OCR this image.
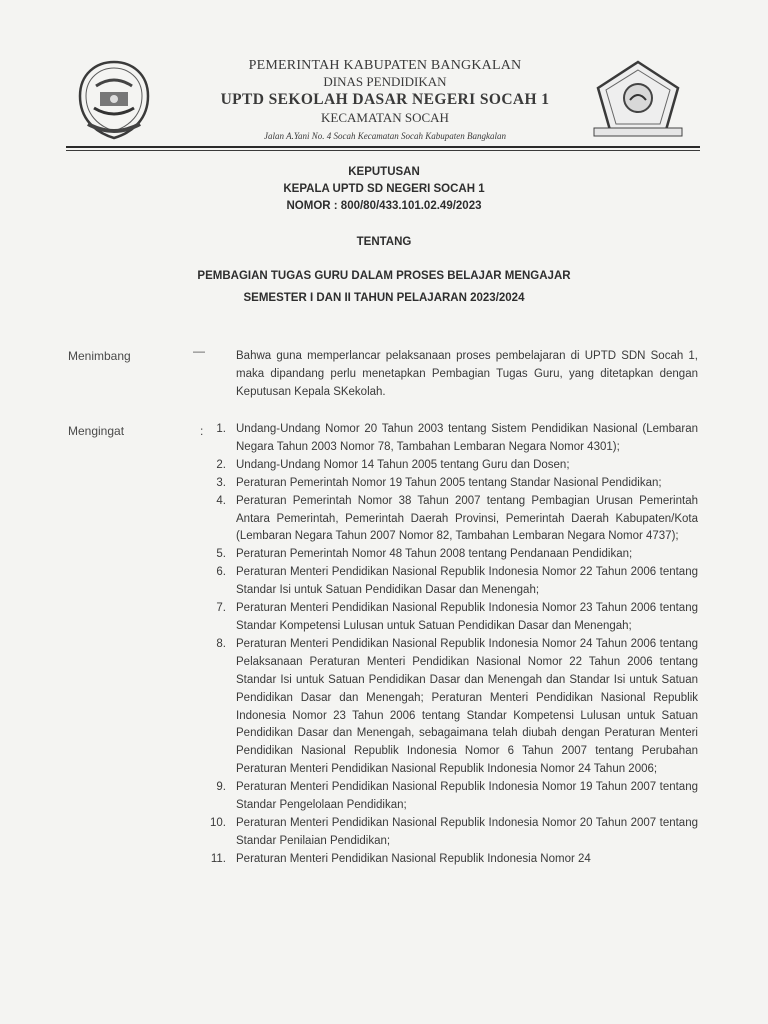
PEMERINTAH KABUPATEN BANGKALAN
DINAS PENDIDIKAN
UPTD SEKOLAH DASAR NEGERI SOCAH 1
KECAMATAN SOCAH
Jalan A.Yani No. 4 Socah Kecamatan Socah Kabupaten Bangkalan
KEPUTUSAN
KEPALA UPTD SD NEGERI SOCAH 1
NOMOR : 800/80/433.101.02.49/2023
TENTANG
PEMBAGIAN TUGAS GURU DALAM PROSES BELAJAR MENGAJAR
SEMESTER I DAN II TAHUN PELAJARAN 2023/2024
Menimbang	—	Bahwa guna memperlancar pelaksanaan proses pembelajaran di UPTD SDN Socah 1, maka dipandang perlu menetapkan Pembagian Tugas Guru, yang ditetapkan dengan Keputusan Kepala SKekolah.
Mengingat	:	1. Undang-Undang Nomor 20 Tahun 2003 tentang Sistem Pendidikan Nasional (Lembaran Negara Tahun 2003 Nomor 78, Tambahan Lembaran Negara Nomor 4301);
2. Undang-Undang Nomor 14 Tahun 2005 tentang Guru dan Dosen;
3. Peraturan Pemerintah Nomor 19 Tahun 2005 tentang Standar Nasional Pendidikan;
4. Peraturan Pemerintah Nomor 38 Tahun 2007 tentang Pembagian Urusan Pemerintah Antara Pemerintah, Pemerintah Daerah Provinsi, Pemerintah Daerah Kabupaten/Kota (Lembaran Negara Tahun 2007 Nomor 82, Tambahan Lembaran Negara Nomor 4737);
5. Peraturan Pemerintah Nomor 48 Tahun 2008 tentang Pendanaan Pendidikan;
6. Peraturan Menteri Pendidikan Nasional Republik Indonesia Nomor 22 Tahun 2006 tentang Standar Isi untuk Satuan Pendidikan Dasar dan Menengah;
7. Peraturan Menteri Pendidikan Nasional Republik Indonesia Nomor 23 Tahun 2006 tentang Standar Kompetensi Lulusan untuk Satuan Pendidikan Dasar dan Menengah;
8. Peraturan Menteri Pendidikan Nasional Republik Indonesia Nomor 24 Tahun 2006 tentang Pelaksanaan Peraturan Menteri Pendidikan Nasional Nomor 22 Tahun 2006 tentang Standar Isi untuk Satuan Pendidikan Dasar dan Menengah dan Standar Isi untuk Satuan Pendidikan Dasar dan Menengah; Peraturan Menteri Pendidikan Nasional Republik Indonesia Nomor 23 Tahun 2006 tentang Standar Kompetensi Lulusan untuk Satuan Pendidikan Dasar dan Menengah, sebagaimana telah diubah dengan Peraturan Menteri Pendidikan Nasional Republik Indonesia Nomor 6 Tahun 2007 tentang Perubahan Peraturan Menteri Pendidikan Nasional Republik Indonesia Nomor 24 Tahun 2006;
9. Peraturan Menteri Pendidikan Nasional Republik Indonesia Nomor 19 Tahun 2007 tentang Standar Pengelolaan Pendidikan;
10. Peraturan Menteri Pendidikan Nasional Republik Indonesia Nomor 20 Tahun 2007 tentang Standar Penilaian Pendidikan;
11. Peraturan Menteri Pendidikan Nasional Republik Indonesia Nomor 24
